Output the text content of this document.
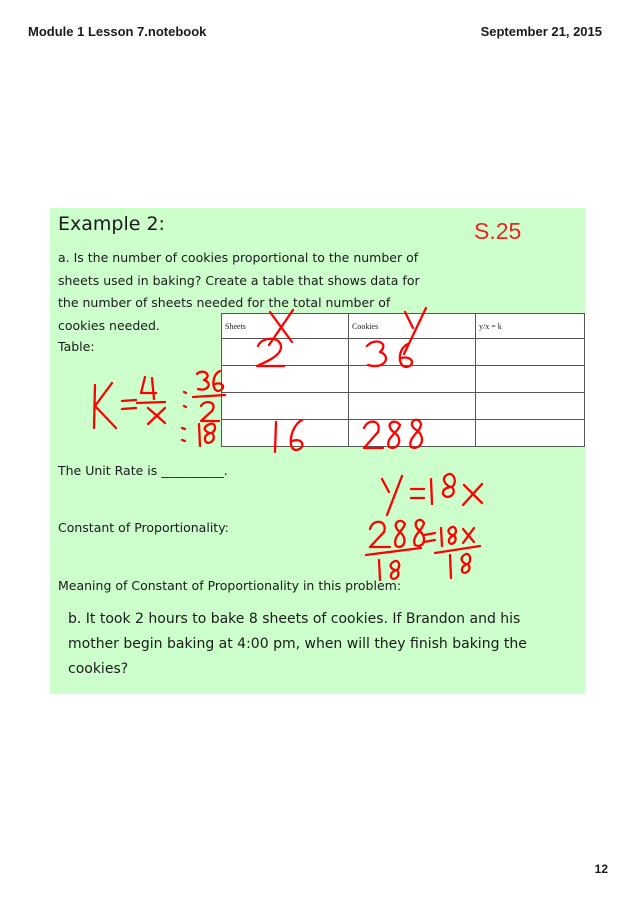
Module 1 Lesson 7.notebook	September 21, 2015
Example 2:	S.25
a. Is the number of cookies proportional to the number of sheets used in baking? Create a table that shows data for the number of sheets needed for the total number of cookies needed.
Table:
Sheets	Cookies	y/x = k

The Unit Rate is __________.
Constant of Proportionality:
Meaning of Constant of Proportionality in this problem:
b. It took 2 hours to bake 8 sheets of cookies. If Brandon and his mother begin baking at 4:00 pm, when will they finish baking the cookies?
12
